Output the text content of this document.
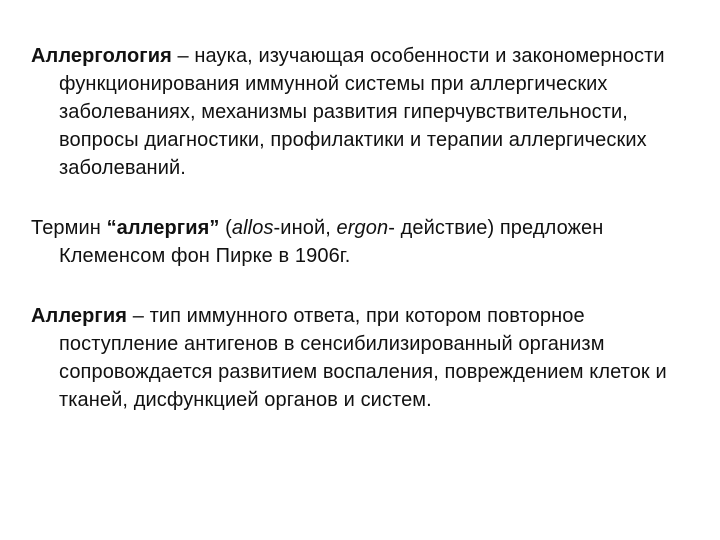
Аллергология – наука, изучающая особенности и закономерности функционирования иммунной системы при аллергических заболеваниях, механизмы развития гиперчувствительности, вопросы диагностики, профилактики и терапии аллергических заболеваний.

Термин “аллергия” (allos-иной, ergon- действие) предложен Клеменсом фон Пирке в 1906г.

Аллергия – тип иммунного ответа, при котором повторное поступление антигенов в сенсибилизированный организм сопровождается развитием воспаления, повреждением клеток и тканей, дисфункцией органов и систем.
